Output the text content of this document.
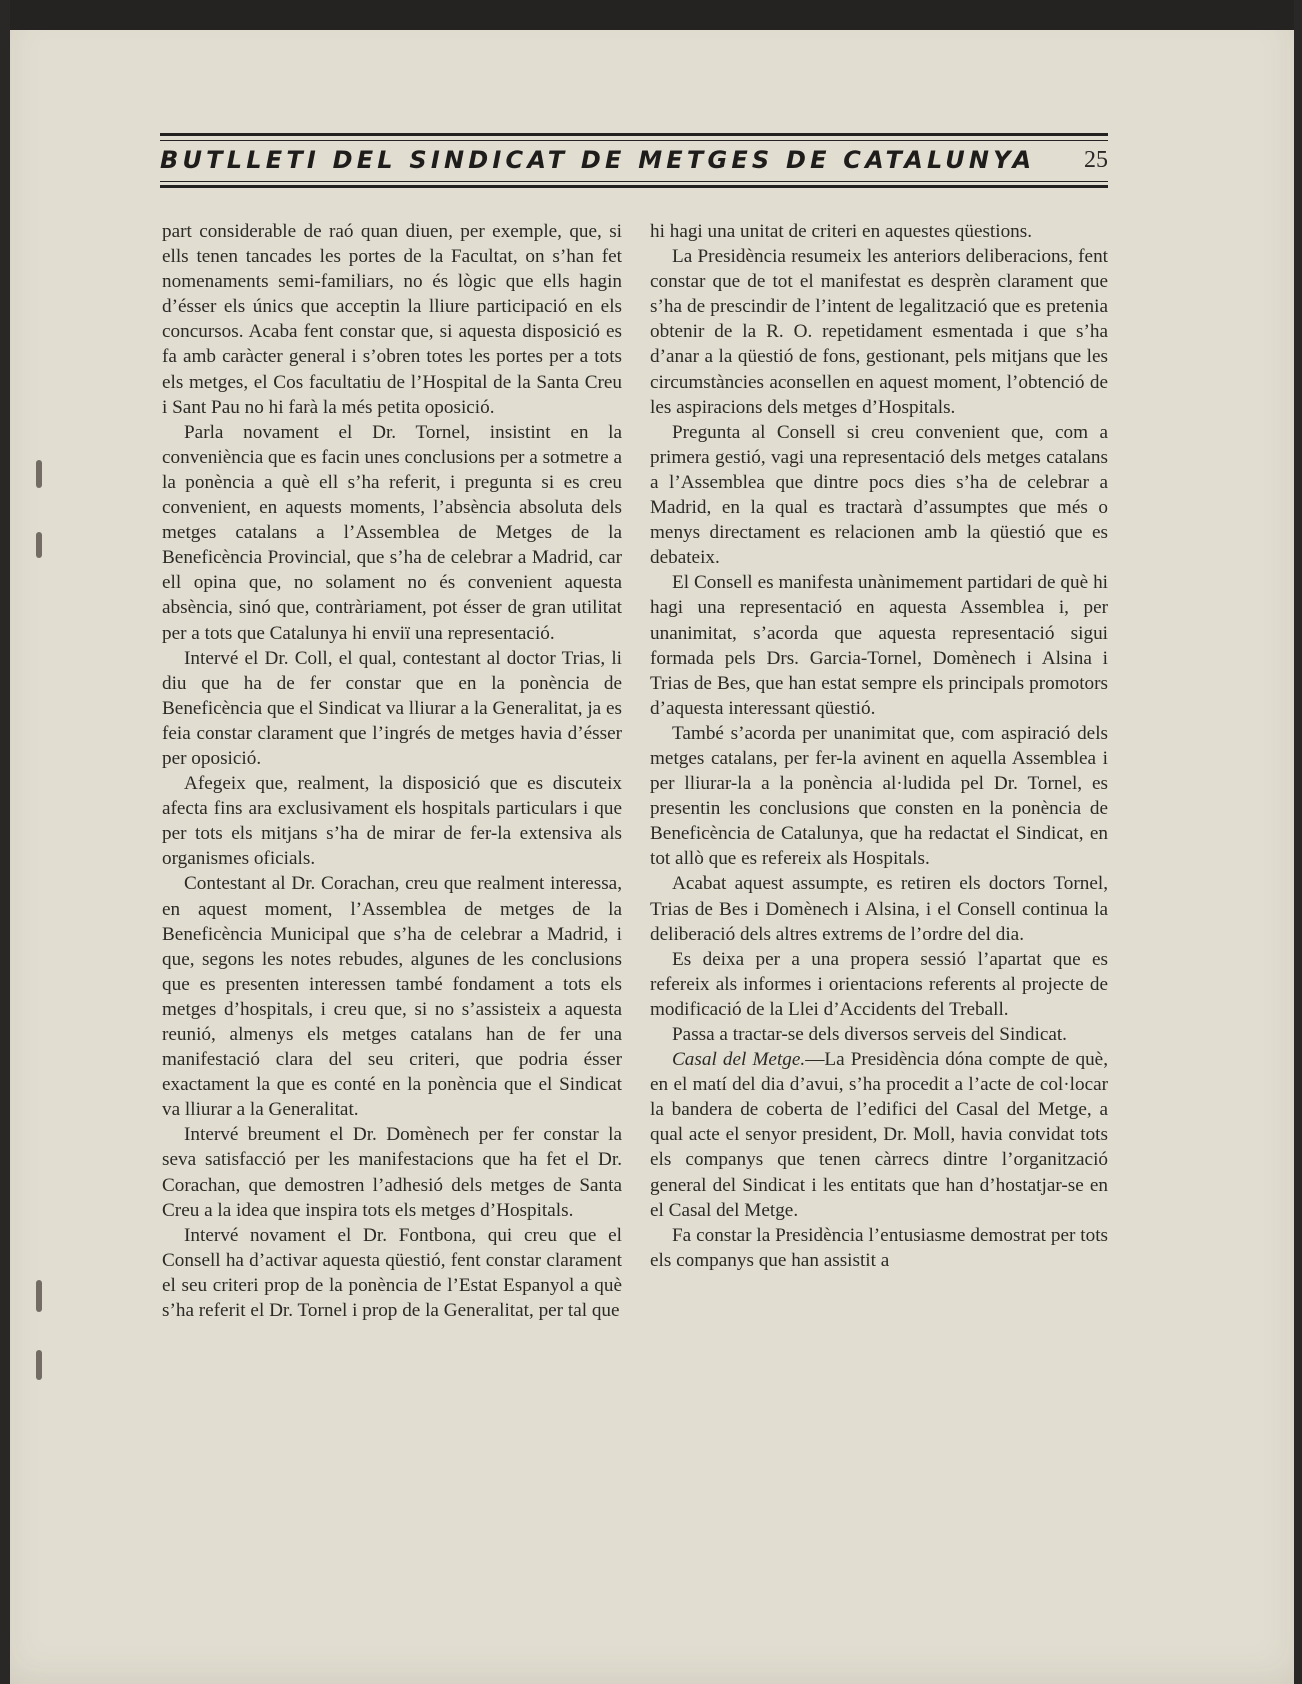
BUTLLETI DEL SINDICAT DE METGES DE CATALUNYA	25

part considerable de raó quan diuen, per exemple, que, si ells tenen tancades les portes de la Facultat, on s’han fet nomenaments semi-familiars, no és lògic que ells hagin d’ésser els únics que acceptin la lliure participació en els concursos. Acaba fent constar que, si aquesta disposició es fa amb caràcter general i s’obren totes les portes per a tots els metges, el Cos facultatiu de l’Hospital de la Santa Creu i Sant Pau no hi farà la més petita oposició.

Parla novament el Dr. Tornel, insistint en la conveniència que es facin unes conclusions per a sotmetre a la ponència a què ell s’ha referit, i pregunta si es creu convenient, en aquests moments, l’absència absoluta dels metges catalans a l’Assemblea de Metges de la Beneficència Provincial, que s’ha de celebrar a Madrid, car ell opina que, no solament no és convenient aquesta absència, sinó que, contràriament, pot ésser de gran utilitat per a tots que Catalunya hi enviï una representació.

Intervé el Dr. Coll, el qual, contestant al doctor Trias, li diu que ha de fer constar que en la ponència de Beneficència que el Sindicat va lliurar a la Generalitat, ja es feia constar clarament que l’ingrés de metges havia d’ésser per oposició.

Afegeix que, realment, la disposició que es discuteix afecta fins ara exclusivament els hospitals particulars i que per tots els mitjans s’ha de mirar de fer-la extensiva als organismes oficials.

Contestant al Dr. Corachan, creu que realment interessa, en aquest moment, l’Assemblea de metges de la Beneficència Municipal que s’ha de celebrar a Madrid, i que, segons les notes rebudes, algunes de les conclusions que es presenten interessen també fondament a tots els metges d’hospitals, i creu que, si no s’assisteix a aquesta reunió, almenys els metges catalans han de fer una manifestació clara del seu criteri, que podria ésser exactament la que es conté en la ponència que el Sindicat va lliurar a la Generalitat.

Intervé breument el Dr. Domènech per fer constar la seva satisfacció per les manifestacions que ha fet el Dr. Corachan, que demostren l’adhesió dels metges de Santa Creu a la idea que inspira tots els metges d’Hospitals.

Intervé novament el Dr. Fontbona, qui creu que el Consell ha d’activar aquesta qüestió, fent constar clarament el seu criteri prop de la ponència de l’Estat Espanyol a què s’ha referit el Dr. Tornel i prop de la Generalitat, per tal que

hi hagi una unitat de criteri en aquestes qüestions.

La Presidència resumeix les anteriors deliberacions, fent constar que de tot el manifestat es desprèn clarament que s’ha de prescindir de l’intent de legalització que es pretenia obtenir de la R. O. repetidament esmentada i que s’ha d’anar a la qüestió de fons, gestionant, pels mitjans que les circumstàncies aconsellen en aquest moment, l’obtenció de les aspiracions dels metges d’Hospitals.

Pregunta al Consell si creu convenient que, com a primera gestió, vagi una representació dels metges catalans a l’Assemblea que dintre pocs dies s’ha de celebrar a Madrid, en la qual es tractarà d’assumptes que més o menys directament es relacionen amb la qüestió que es debateix.

El Consell es manifesta unànimement partidari de què hi hagi una representació en aquesta Assemblea i, per unanimitat, s’acorda que aquesta representació sigui formada pels Drs. Garcia-Tornel, Domènech i Alsina i Trias de Bes, que han estat sempre els principals promotors d’aquesta interessant qüestió.

També s’acorda per unanimitat que, com aspiració dels metges catalans, per fer-la avinent en aquella Assemblea i per lliurar-la a la ponència al·ludida pel Dr. Tornel, es presentin les conclusions que consten en la ponència de Beneficència de Catalunya, que ha redactat el Sindicat, en tot allò que es refereix als Hospitals.

Acabat aquest assumpte, es retiren els doctors Tornel, Trias de Bes i Domènech i Alsina, i el Consell continua la deliberació dels altres extrems de l’ordre del dia.

Es deixa per a una propera sessió l’apartat que es refereix als informes i orientacions referents al projecte de modificació de la Llei d’Accidents del Treball.

Passa a tractar-se dels diversos serveis del Sindicat.

Casal del Metge.—La Presidència dóna compte de què, en el matí del dia d’avui, s’ha procedit a l’acte de col·locar la bandera de coberta de l’edifici del Casal del Metge, a qual acte el senyor president, Dr. Moll, havia convidat tots els companys que tenen càrrecs dintre l’organització general del Sindicat i les entitats que han d’hostatjar-se en el Casal del Metge.

Fa constar la Presidència l’entusiasme demostrat per tots els companys que han assistit a
